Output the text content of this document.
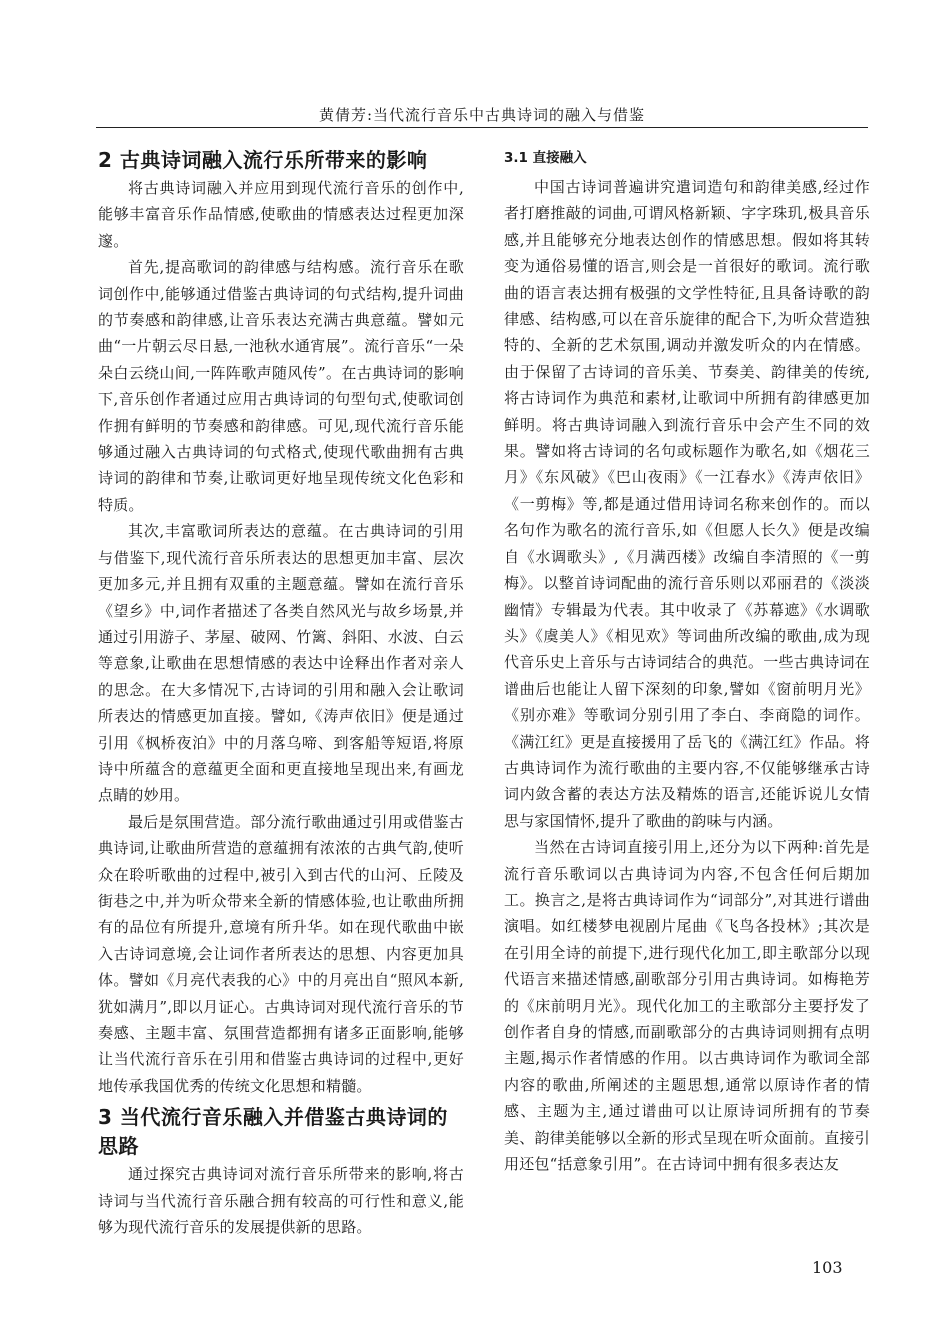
黄倩芳:当代流行音乐中古典诗词的融入与借鉴
2 古典诗词融入流行乐所带来的影响

将古典诗词融入并应用到现代流行音乐的创作中,能够丰富音乐作品情感,使歌曲的情感表达过程更加深邃。

首先,提高歌词的韵律感与结构感。流行音乐在歌词创作中,能够通过借鉴古典诗词的句式结构,提升词曲的节奏感和韵律感,让音乐表达充满古典意蕴。譬如元曲“一片朝云尽日悬,一池秋水通宵展”。流行音乐“一朵朵白云绕山间,一阵阵歌声随风传”。在古典诗词的影响下,音乐创作者通过应用古典诗词的句型句式,使歌词创作拥有鲜明的节奏感和韵律感。可见,现代流行音乐能够通过融入古典诗词的句式格式,使现代歌曲拥有古典诗词的韵律和节奏,让歌词更好地呈现传统文化色彩和特质。

其次,丰富歌词所表达的意蕴。在古典诗词的引用与借鉴下,现代流行音乐所表达的思想更加丰富、层次更加多元,并且拥有双重的主题意蕴。譬如在流行音乐《望乡》中,词作者描述了各类自然风光与故乡场景,并通过引用游子、茅屋、破网、竹篱、斜阳、水波、白云等意象,让歌曲在思想情感的表达中诠释出作者对亲人的思念。在大多情况下,古诗词的引用和融入会让歌词所表达的情感更加直接。譬如,《涛声依旧》便是通过引用《枫桥夜泊》中的月落乌啼、到客船等短语,将原诗中所蕴含的意蕴更全面和更直接地呈现出来,有画龙点睛的妙用。

最后是氛围营造。部分流行歌曲通过引用或借鉴古典诗词,让歌曲所营造的意蕴拥有浓浓的古典气韵,使听众在聆听歌曲的过程中,被引入到古代的山河、丘陵及街巷之中,并为听众带来全新的情感体验,也让歌曲所拥有的品位有所提升,意境有所升华。如在现代歌曲中嵌入古诗词意境,会让词作者所表达的思想、内容更加具体。譬如《月亮代表我的心》中的月亮出自“照风本新,犹如满月”,即以月证心。古典诗词对现代流行音乐的节奏感、主题丰富、氛围营造都拥有诸多正面影响,能够让当代流行音乐在引用和借鉴古典诗词的过程中,更好地传承我国优秀的传统文化思想和精髓。

3 当代流行音乐融入并借鉴古典诗词的思路

通过探究古典诗词对流行音乐所带来的影响,将古诗词与当代流行音乐融合拥有较高的可行性和意义,能够为现代流行音乐的发展提供新的思路。

3.1 直接融入

中国古诗词普遍讲究遣词造句和韵律美感,经过作者打磨推敲的词曲,可谓风格新颖、字字珠玑,极具音乐感,并且能够充分地表达创作的情感思想。假如将其转变为通俗易懂的语言,则会是一首很好的歌词。流行歌曲的语言表达拥有极强的文学性特征,且具备诗歌的韵律感、结构感,可以在音乐旋律的配合下,为听众营造独特的、全新的艺术氛围,调动并激发听众的内在情感。由于保留了古诗词的音乐美、节奏美、韵律美的传统,将古诗词作为典范和素材,让歌词中所拥有韵律感更加鲜明。将古典诗词融入到流行音乐中会产生不同的效果。譬如将古诗词的名句或标题作为歌名,如《烟花三月》《东风破》《巴山夜雨》《一江春水》《涛声依旧》《一剪梅》等,都是通过借用诗词名称来创作的。而以名句作为歌名的流行音乐,如《但愿人长久》便是改编自《水调歌头》,《月满西楼》改编自李清照的《一剪梅》。以整首诗词配曲的流行音乐则以邓丽君的《淡淡幽情》专辑最为代表。其中收录了《苏幕遮》《水调歌头》《虞美人》《相见欢》等词曲所改编的歌曲,成为现代音乐史上音乐与古诗词结合的典范。一些古典诗词在谱曲后也能让人留下深刻的印象,譬如《窗前明月光》《别亦难》等歌词分别引用了李白、李商隐的词作。《满江红》更是直接援用了岳飞的《满江红》作品。将古典诗词作为流行歌曲的主要内容,不仅能够继承古诗词内敛含蓄的表达方法及精炼的语言,还能诉说儿女情思与家国情怀,提升了歌曲的韵味与内涵。

当然在古诗词直接引用上,还分为以下两种:首先是流行音乐歌词以古典诗词为内容,不包含任何后期加工。换言之,是将古典诗词作为“词部分”,对其进行谱曲演唱。如红楼梦电视剧片尾曲《飞鸟各投林》;其次是在引用全诗的前提下,进行现代化加工,即主歌部分以现代语言来描述情感,副歌部分引用古典诗词。如梅艳芳的《床前明月光》。现代化加工的主歌部分主要抒发了创作者自身的情感,而副歌部分的古典诗词则拥有点明主题,揭示作者情感的作用。以古典诗词作为歌词全部内容的歌曲,所阐述的主题思想,通常以原诗作者的情感、主题为主,通过谱曲可以让原诗词所拥有的节奏美、韵律美能够以全新的形式呈现在听众面前。直接引用还包“括意象引用”。在古诗词中拥有很多表达友

103
